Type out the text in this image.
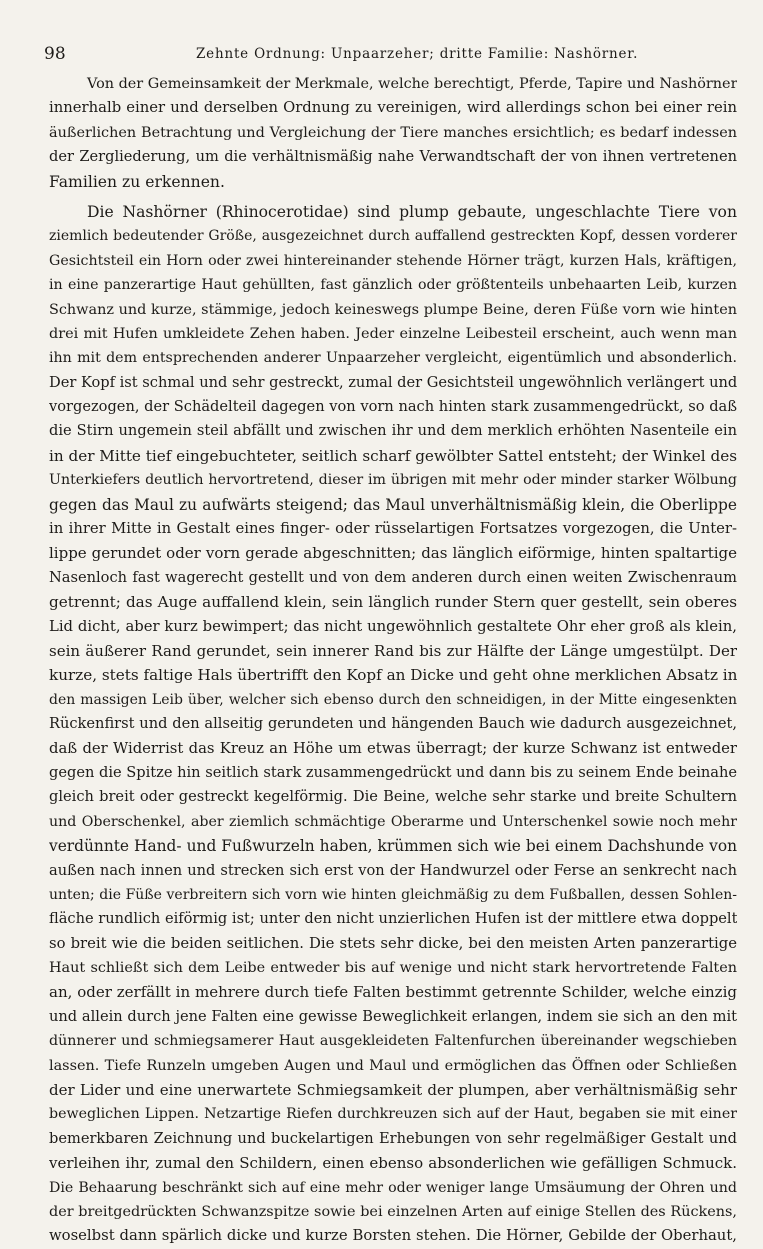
98	Zehnte Ordnung: Unpaarzeher; dritte Familie: Nashörner.
Von der Gemeinsamkeit der Merkmale, welche berechtigt, Pferde, Tapire und Nashörner
innerhalb einer und derselben Ordnung zu vereinigen, wird allerdings schon bei einer rein
äußerlichen Betrachtung und Vergleichung der Tiere manches ersichtlich; es bedarf indessen
der Zergliederung, um die verhältnismäßig nahe Verwandtschaft der von ihnen vertretenen
Familien zu erkennen.
Die Nashörner (Rhinocerotidae) sind plump gebaute, ungeschlachte Tiere von
ziemlich bedeutender Größe, ausgezeichnet durch auffallend gestreckten Kopf, dessen vorderer
Gesichtsteil ein Horn oder zwei hintereinander stehende Hörner trägt, kurzen Hals, kräftigen,
in eine panzerartige Haut gehüllten, fast gänzlich oder größtenteils unbehaarten Leib, kurzen
Schwanz und kurze, stämmige, jedoch keineswegs plumpe Beine, deren Füße vorn wie hinten
drei mit Hufen umkleidete Zehen haben. Jeder einzelne Leibesteil erscheint, auch wenn man
ihn mit dem entsprechenden anderer Unpaarzeher vergleicht, eigentümlich und absonderlich.
Der Kopf ist schmal und sehr gestreckt, zumal der Gesichtsteil ungewöhnlich verlängert und
vorgezogen, der Schädelteil dagegen von vorn nach hinten stark zusammengedrückt, so daß
die Stirn ungemein steil abfällt und zwischen ihr und dem merklich erhöhten Nasenteile ein
in der Mitte tief eingebuchteter, seitlich scharf gewölbter Sattel entsteht; der Winkel des
Unterkiefers deutlich hervortretend, dieser im übrigen mit mehr oder minder starker Wölbung
gegen das Maul zu aufwärts steigend; das Maul unverhältnismäßig klein, die Oberlippe
in ihrer Mitte in Gestalt eines finger- oder rüsselartigen Fortsatzes vorgezogen, die Unter-
lippe gerundet oder vorn gerade abgeschnitten; das länglich eiförmige, hinten spaltartige
Nasenloch fast wagerecht gestellt und von dem anderen durch einen weiten Zwischenraum
getrennt; das Auge auffallend klein, sein länglich runder Stern quer gestellt, sein oberes
Lid dicht, aber kurz bewimpert; das nicht ungewöhnlich gestaltete Ohr eher groß als klein,
sein äußerer Rand gerundet, sein innerer Rand bis zur Hälfte der Länge umgestülpt. Der
kurze, stets faltige Hals übertrifft den Kopf an Dicke und geht ohne merklichen Absatz in
den massigen Leib über, welcher sich ebenso durch den schneidigen, in der Mitte eingesenkten
Rückenfirst und den allseitig gerundeten und hängenden Bauch wie dadurch ausgezeichnet,
daß der Widerrist das Kreuz an Höhe um etwas überragt; der kurze Schwanz ist entweder
gegen die Spitze hin seitlich stark zusammengedrückt und dann bis zu seinem Ende beinahe
gleich breit oder gestreckt kegelförmig. Die Beine, welche sehr starke und breite Schultern
und Oberschenkel, aber ziemlich schmächtige Oberarme und Unterschenkel sowie noch mehr
verdünnte Hand- und Fußwurzeln haben, krümmen sich wie bei einem Dachshunde von
außen nach innen und strecken sich erst von der Handwurzel oder Ferse an senkrecht nach
unten; die Füße verbreitern sich vorn wie hinten gleichmäßig zu dem Fußballen, dessen Sohlen-
fläche rundlich eiförmig ist; unter den nicht unzierlichen Hufen ist der mittlere etwa doppelt
so breit wie die beiden seitlichen. Die stets sehr dicke, bei den meisten Arten panzerartige
Haut schließt sich dem Leibe entweder bis auf wenige und nicht stark hervortretende Falten
an, oder zerfällt in mehrere durch tiefe Falten bestimmt getrennte Schilder, welche einzig
und allein durch jene Falten eine gewisse Beweglichkeit erlangen, indem sie sich an den mit
dünnerer und schmiegsamerer Haut ausgekleideten Faltenfurchen übereinander wegschieben
lassen. Tiefe Runzeln umgeben Augen und Maul und ermöglichen das Öffnen oder Schließen
der Lider und eine unerwartete Schmiegsamkeit der plumpen, aber verhältnismäßig sehr
beweglichen Lippen. Netzartige Riefen durchkreuzen sich auf der Haut, begaben sie mit einer
bemerkbaren Zeichnung und buckelartigen Erhebungen von sehr regelmäßiger Gestalt und
verleihen ihr, zumal den Schildern, einen ebenso absonderlichen wie gefälligen Schmuck.
Die Behaarung beschränkt sich auf eine mehr oder weniger lange Umsäumung der Ohren und
der breitgedrückten Schwanzspitze sowie bei einzelnen Arten auf einige Stellen des Rückens,
woselbst dann spärlich dicke und kurze Borsten stehen. Die Hörner, Gebilde der Oberhaut,
